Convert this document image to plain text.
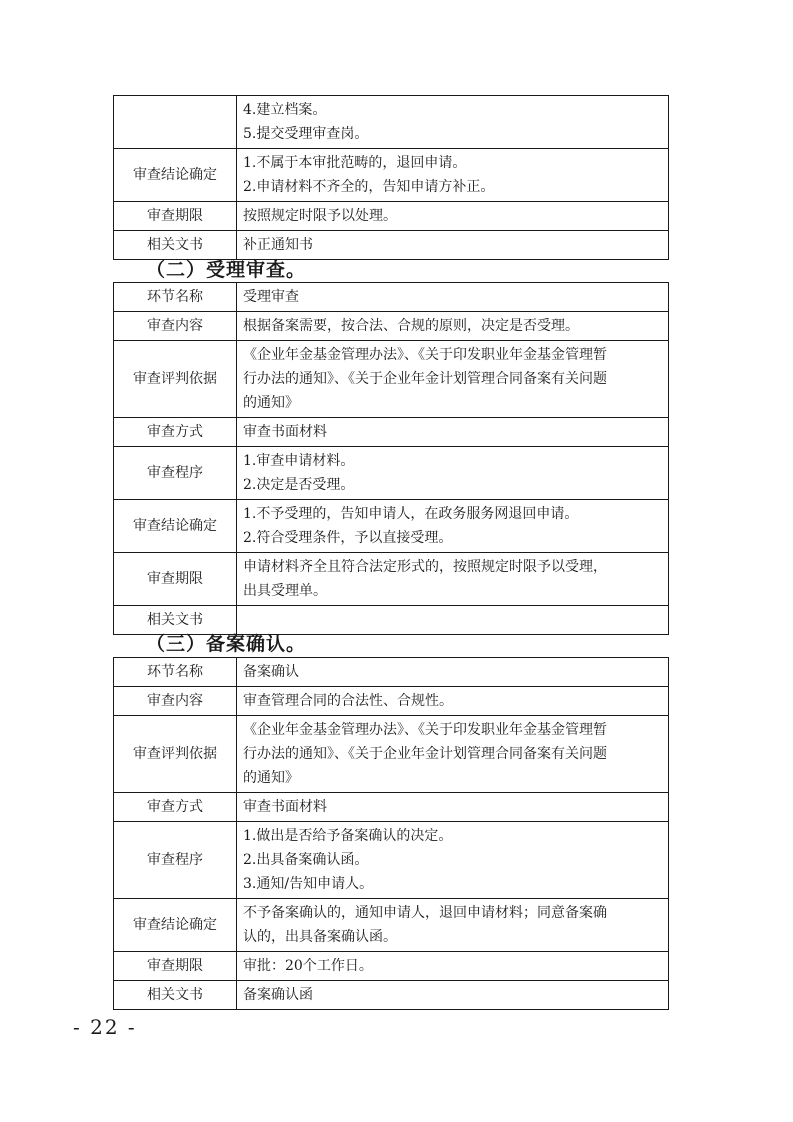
	4.建立档案。
5.提交受理审查岗。

审查结论确定	1.不属于本审批范畴的，退回申请。
2.申请材料不齐全的，告知申请方补正。

审查期限	按照规定时限予以处理。

相关文书	补正通知书
（二）受理审查。
环节名称	受理审查

审查内容	根据备案需要，按合法、合规的原则，决定是否受理。

审查评判依据	《企业年金基金管理办法》、《关于印发职业年金基金管理暂
行办法的通知》、《关于企业年金计划管理合同备案有关问题
的通知》

审查方式	审查书面材料

审查程序	1.审查申请材料。
2.决定是否受理。

审查结论确定	1.不予受理的，告知申请人，在政务服务网退回申请。
2.符合受理条件，予以直接受理。

审查期限	申请材料齐全且符合法定形式的，按照规定时限予以受理，
出具受理单。

相关文书	

（三）备案确认。
环节名称	备案确认

审查内容	审查管理合同的合法性、合规性。

审查评判依据	《企业年金基金管理办法》、《关于印发职业年金基金管理暂
行办法的通知》、《关于企业年金计划管理合同备案有关问题
的通知》

审查方式	审查书面材料

审查程序	1.做出是否给予备案确认的决定。
2.出具备案确认函。
3.通知/告知申请人。

审查结论确定	不予备案确认的，通知申请人，退回申请材料；同意备案确
认的，出具备案确认函。

审查期限	审批：20个工作日。

相关文书	备案确认函
- 22 -
